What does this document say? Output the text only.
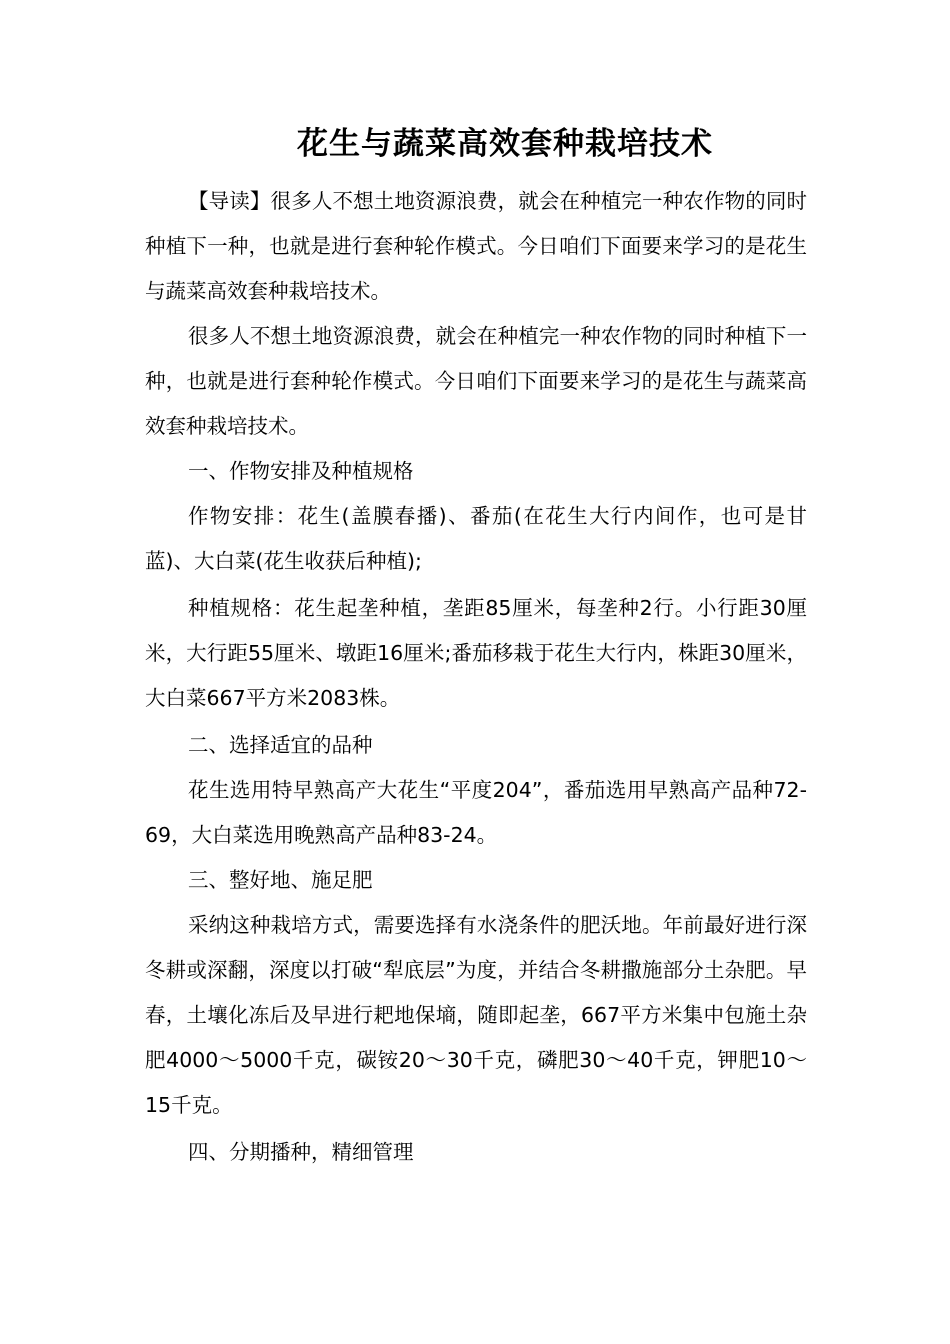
花生与蔬菜高效套种栽培技术

【导读】很多人不想土地资源浪费，就会在种植完一种农作物的同时种植下一种，也就是进行套种轮作模式。今日咱们下面要来学习的是花生与蔬菜高效套种栽培技术。

很多人不想土地资源浪费，就会在种植完一种农作物的同时种植下一种，也就是进行套种轮作模式。今日咱们下面要来学习的是花生与蔬菜高效套种栽培技术。

一、作物安排及种植规格

作物安排：花生(盖膜春播)、番茄(在花生大行内间作，也可是甘蓝)、大白菜(花生收获后种植);

种植规格：花生起垄种植，垄距85厘米，每垄种2行。小行距30厘米，大行距55厘米、墩距16厘米;番茄移栽于花生大行内，株距30厘米，大白菜667平方米2083株。

二、选择适宜的品种

花生选用特早熟高产大花生“平度204”，番茄选用早熟高产品种72-69，大白菜选用晚熟高产品种83-24。

三、整好地、施足肥

采纳这种栽培方式，需要选择有水浇条件的肥沃地。年前最好进行深冬耕或深翻，深度以打破“犁底层”为度，并结合冬耕撒施部分土杂肥。早春，土壤化冻后及早进行耙地保墒，随即起垄，667平方米集中包施土杂肥4000～5000千克，碳铵20～30千克，磷肥30～40千克，钾肥10～15千克。

四、分期播种，精细管理
